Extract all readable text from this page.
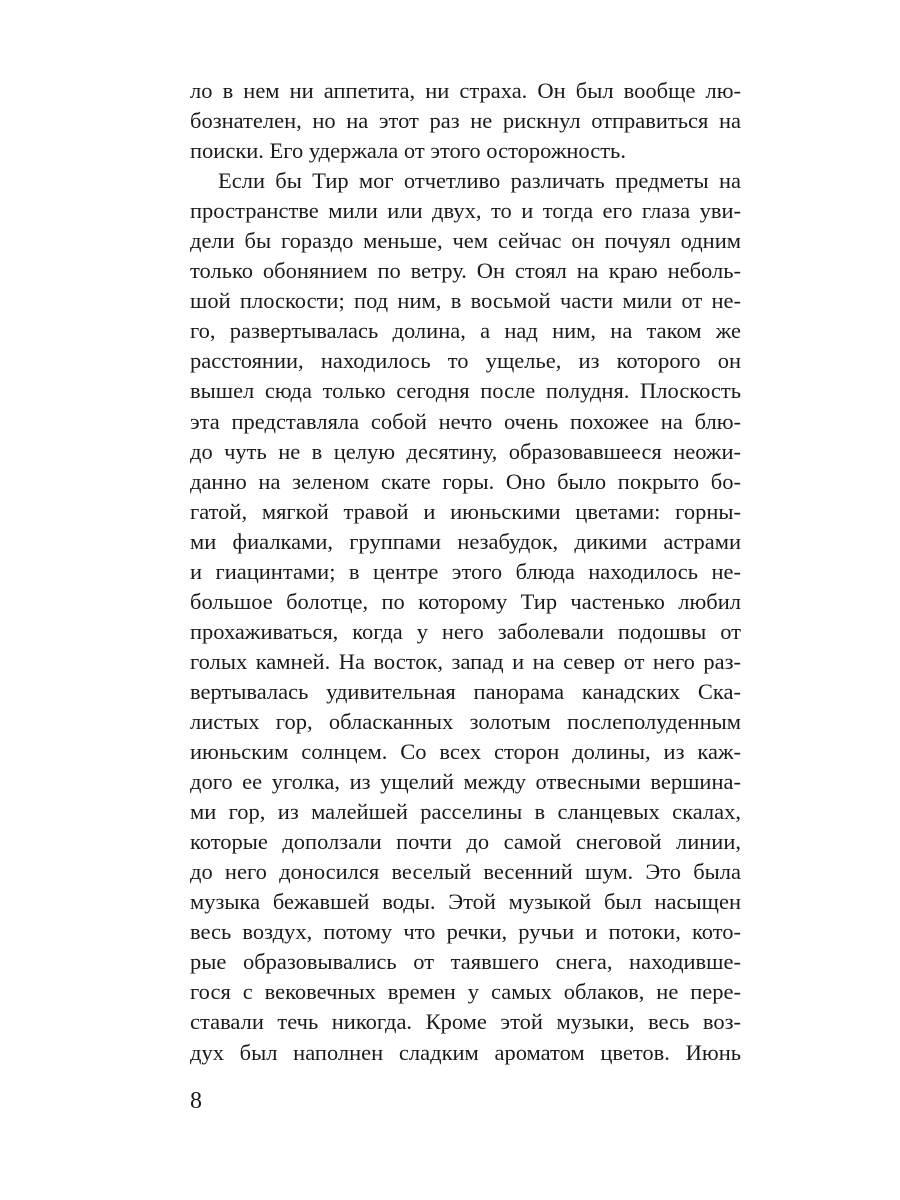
ло в нем ни аппетита, ни страха. Он был вообще лю-
бознателен, но на этот раз не рискнул отправиться на
поиски. Его удержала от этого осторожность.
Если бы Тир мог отчетливо различать предметы на
пространстве мили или двух, то и тогда его глаза уви-
дели бы гораздо меньше, чем сейчас он почуял одним
только обонянием по ветру. Он стоял на краю неболь-
шой плоскости; под ним, в восьмой части мили от не-
го, развертывалась долина, а над ним, на таком же
расстоянии, находилось то ущелье, из которого он
вышел сюда только сегодня после полудня. Плоскость
эта представляла собой нечто очень похожее на блю-
до чуть не в целую десятину, образовавшееся неожи-
данно на зеленом скате горы. Оно было покрыто бо-
гатой, мягкой травой и июньскими цветами: горны-
ми фиалками, группами незабудок, дикими астрами
и гиацинтами; в центре этого блюда находилось не-
большое болотце, по которому Тир частенько любил
прохаживаться, когда у него заболевали подошвы от
голых камней. На восток, запад и на север от него раз-
вертывалась удивительная панорама канадских Ска-
листых гор, обласканных золотым послеполуденным
июньским солнцем. Со всех сторон долины, из каж-
дого ее уголка, из ущелий между отвесными вершина-
ми гор, из малейшей расселины в сланцевых скалах,
которые доползали почти до самой снеговой линии,
до него доносился веселый весенний шум. Это была
музыка бежавшей воды. Этой музыкой был насыщен
весь воздух, потому что речки, ручьи и потоки, кото-
рые образовывались от таявшего снега, находивше-
гося с вековечных времен у самых облаков, не пере-
ставали течь никогда. Кроме этой музыки, весь воз-
дух был наполнен сладким ароматом цветов. Июнь
8
